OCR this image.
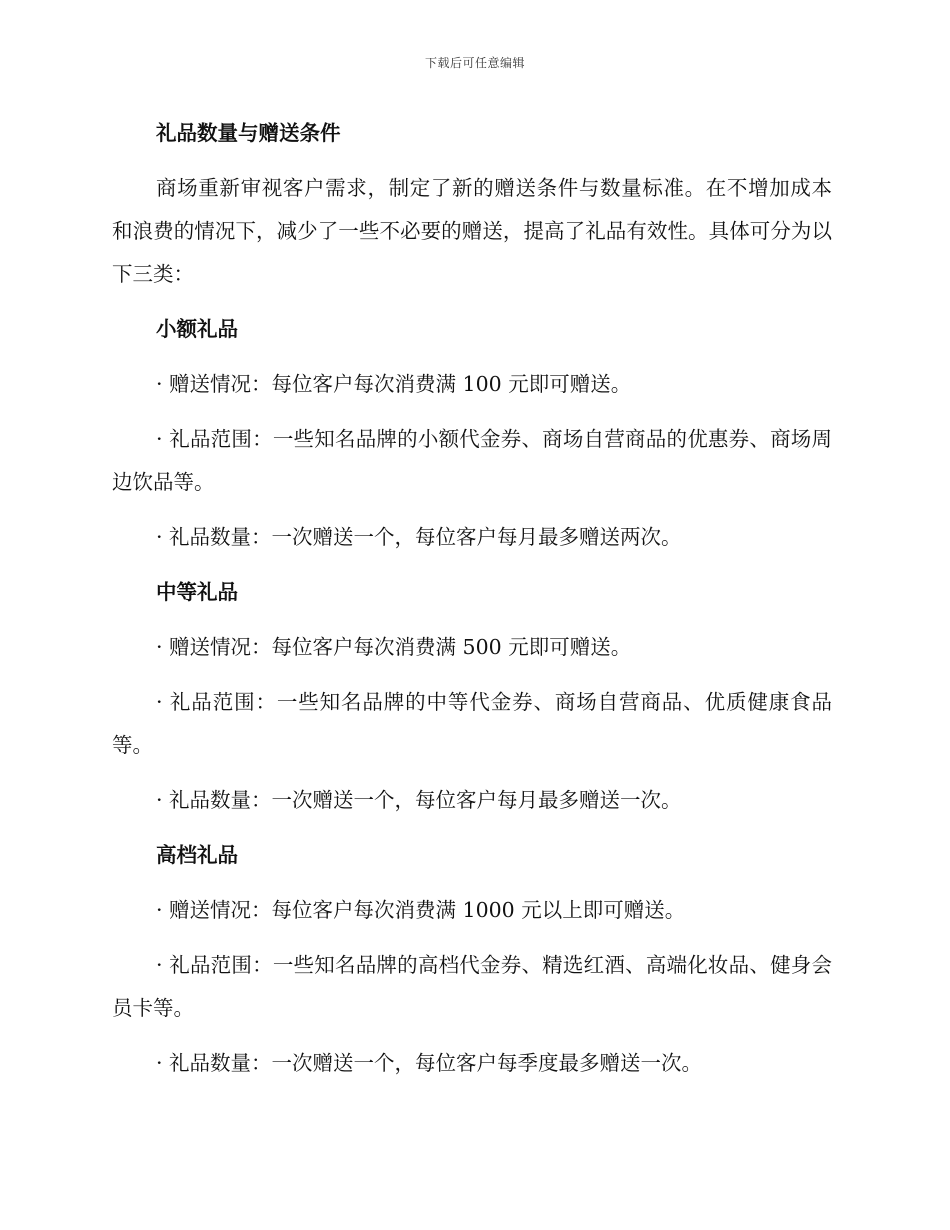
下载后可任意编辑

礼品数量与赠送条件

商场重新审视客户需求，制定了新的赠送条件与数量标准。在不增加成本和浪费的情况下，减少了一些不必要的赠送，提高了礼品有效性。具体可分为以下三类：

小额礼品

· 赠送情况：每位客户每次消费满 100 元即可赠送。

· 礼品范围：一些知名品牌的小额代金券、商场自营商品的优惠券、商场周边饮品等。

· 礼品数量：一次赠送一个，每位客户每月最多赠送两次。

中等礼品

· 赠送情况：每位客户每次消费满 500 元即可赠送。

· 礼品范围：一些知名品牌的中等代金券、商场自营商品、优质健康食品等。

· 礼品数量：一次赠送一个，每位客户每月最多赠送一次。

高档礼品

· 赠送情况：每位客户每次消费满 1000 元以上即可赠送。

· 礼品范围：一些知名品牌的高档代金券、精选红酒、高端化妆品、健身会员卡等。

· 礼品数量：一次赠送一个，每位客户每季度最多赠送一次。
